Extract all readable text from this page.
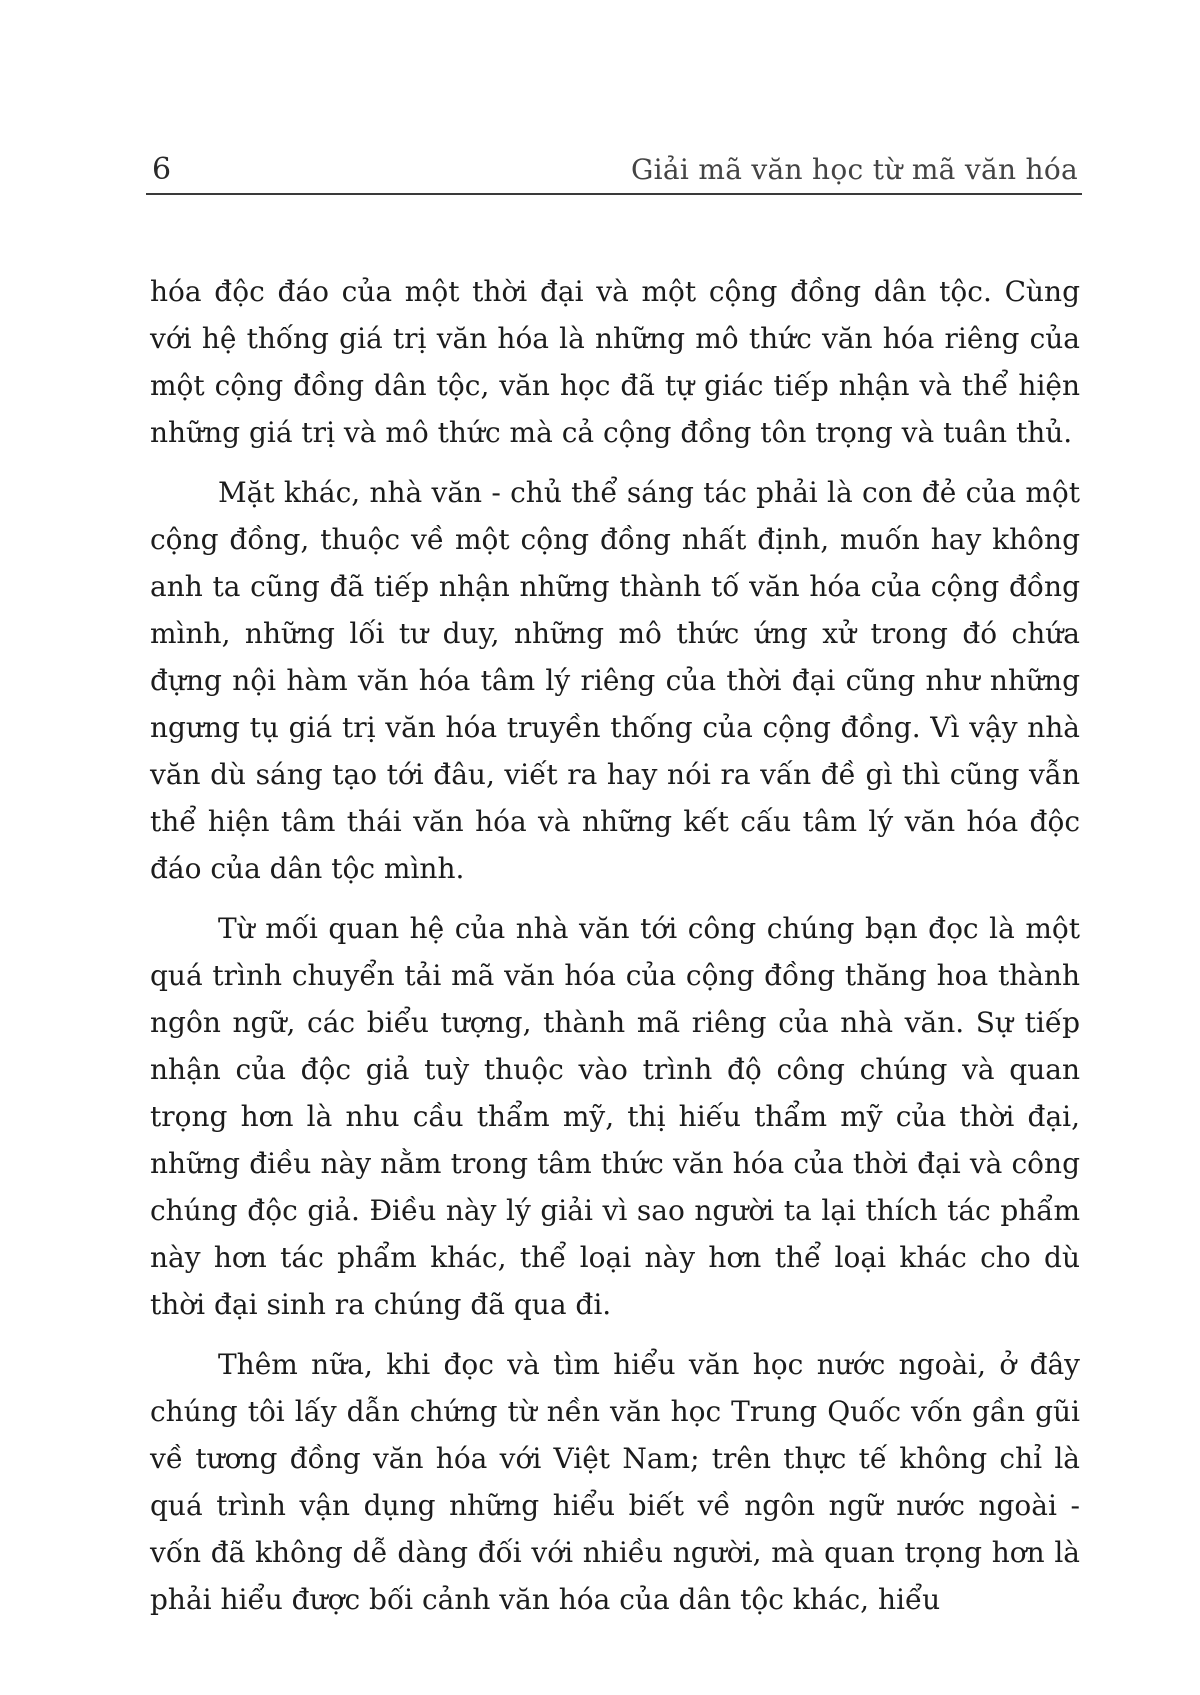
6	Giải mã văn học từ mã văn hóa

hóa độc đáo của một thời đại và một cộng đồng dân tộc. Cùng với hệ thống giá trị văn hóa là những mô thức văn hóa riêng của một cộng đồng dân tộc, văn học đã tự giác tiếp nhận và thể hiện những giá trị và mô thức mà cả cộng đồng tôn trọng và tuân thủ.

Mặt khác, nhà văn - chủ thể sáng tác phải là con đẻ của một cộng đồng, thuộc về một cộng đồng nhất định, muốn hay không anh ta cũng đã tiếp nhận những thành tố văn hóa của cộng đồng mình, những lối tư duy, những mô thức ứng xử trong đó chứa đựng nội hàm văn hóa tâm lý riêng của thời đại cũng như những ngưng tụ giá trị văn hóa truyền thống của cộng đồng. Vì vậy nhà văn dù sáng tạo tới đâu, viết ra hay nói ra vấn đề gì thì cũng vẫn thể hiện tâm thái văn hóa và những kết cấu tâm lý văn hóa độc đáo của dân tộc mình.

Từ mối quan hệ của nhà văn tới công chúng bạn đọc là một quá trình chuyển tải mã văn hóa của cộng đồng thăng hoa thành ngôn ngữ, các biểu tượng, thành mã riêng của nhà văn. Sự tiếp nhận của độc giả tuỳ thuộc vào trình độ công chúng và quan trọng hơn là nhu cầu thẩm mỹ, thị hiếu thẩm mỹ của thời đại, những điều này nằm trong tâm thức văn hóa của thời đại và công chúng độc giả. Điều này lý giải vì sao người ta lại thích tác phẩm này hơn tác phẩm khác, thể loại này hơn thể loại khác cho dù thời đại sinh ra chúng đã qua đi.

Thêm nữa, khi đọc và tìm hiểu văn học nước ngoài, ở đây chúng tôi lấy dẫn chứng từ nền văn học Trung Quốc vốn gần gũi về tương đồng văn hóa với Việt Nam; trên thực tế không chỉ là quá trình vận dụng những hiểu biết về ngôn ngữ nước ngoài - vốn đã không dễ dàng đối với nhiều người, mà quan trọng hơn là phải hiểu được bối cảnh văn hóa của dân tộc khác, hiểu
